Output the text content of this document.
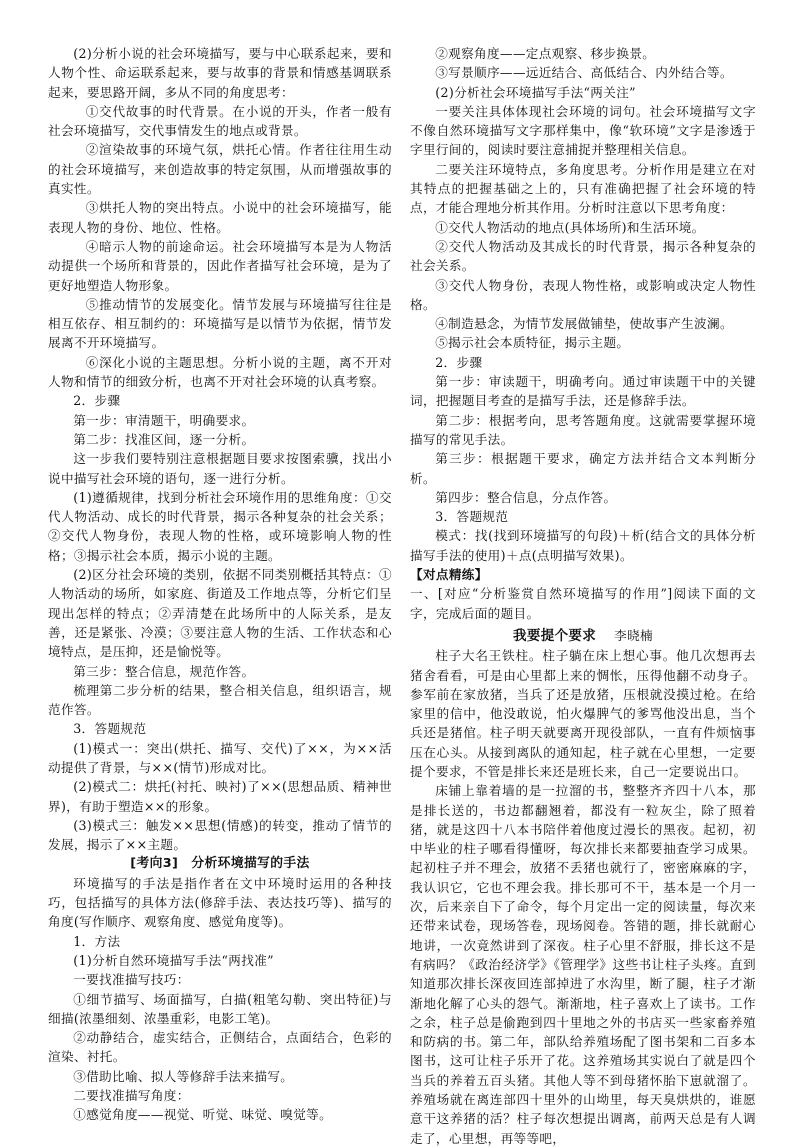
(2)分析小说的社会环境描写，要与中心联系起来，要和人物个性、命运联系起来，要与故事的背景和情感基调联系起来，要思路开阔，多从不同的角度思考：

①交代故事的时代背景。在小说的开头，作者一般有社会环境描写，交代事情发生的地点或背景。

②渲染故事的环境气氛，烘托心情。作者往往用生动的社会环境描写，来创造故事的特定氛围，从而增强故事的真实性。

③烘托人物的突出特点。小说中的社会环境描写，能表现人物的身份、地位、性格。

④暗示人物的前途命运。社会环境描写本是为人物活动提供一个场所和背景的，因此作者描写社会环境，是为了更好地塑造人物形象。

⑤推动情节的发展变化。情节发展与环境描写往往是相互依存、相互制约的：环境描写是以情节为依据，情节发展离不开环境描写。

⑥深化小说的主题思想。分析小说的主题，离不开对人物和情节的细致分析，也离不开对社会环境的认真考察。

2．步骤

第一步：审清题干，明确要求。

第二步：找准区间，逐一分析。

这一步我们要特别注意根据题目要求按图索骥，找出小说中描写社会环境的语句，逐一进行分析。

(1)遵循规律，找到分析社会环境作用的思维角度：①交代人物活动、成长的时代背景，揭示各种复杂的社会关系；②交代人物身份，表现人物的性格，或环境影响人物的性格；③揭示社会本质，揭示小说的主题。

(2)区分社会环境的类别，依据不同类别概括其特点：①人物活动的场所，如家庭、街道及工作地点等，分析它们呈现出怎样的特点；②弄清楚在此场所中的人际关系，是友善，还是紧张、冷漠；③要注意人物的生活、工作状态和心境特点，是压抑，还是愉悦等。

第三步：整合信息，规范作答。

梳理第二步分析的结果，整合相关信息，组织语言，规范作答。

3．答题规范

(1)模式一：突出(烘托、描写、交代)了××，为××活动提供了背景，与××(情节)形成对比。

(2)模式二：烘托(衬托、映衬)了××(思想品质、精神世界)，有助于塑造××的形象。

(3)模式三：触发××思想(情感)的转变，推动了情节的发展，揭示了××主题。

[考向3]　分析环境描写的手法

环境描写的手法是指作者在文中环境时运用的各种技巧，包括描写的具体方法(修辞手法、表达技巧等)、描写的角度(写作顺序、观察角度、感觉角度等)。

1．方法

(1)分析自然环境描写手法“两找准”

一要找准描写技巧：

①细节描写、场面描写，白描(粗笔勾勒、突出特征)与细描(浓墨细刻、浓墨重彩，电影工笔)。

②动静结合，虚实结合，正侧结合，点面结合，色彩的渲染、衬托。

③借助比喻、拟人等修辞手法来描写。

二要找准描写角度：

①感觉角度——视觉、听觉、味觉、嗅觉等。

②观察角度——定点观察、移步换景。

③写景顺序——远近结合、高低结合、内外结合等。

(2)分析社会环境描写手法“两关注”

一要关注具体体现社会环境的词句。社会环境描写文字不像自然环境描写文字那样集中，像“软环境”文字是渗透于字里行间的，阅读时要注意捕捉并整理相关信息。

二要关注环境特点，多角度思考。分析作用是建立在对其特点的把握基础之上的，只有准确把握了社会环境的特点，才能合理地分析其作用。分析时注意以下思考角度：

①交代人物活动的地点(具体场所)和生活环境。

②交代人物活动及其成长的时代背景，揭示各种复杂的社会关系。

③交代人物身份，表现人物性格，或影响或决定人物性格。

④制造悬念，为情节发展做铺垫，使故事产生波澜。

⑤揭示社会本质特征，揭示主题。

2．步骤

第一步：审读题干，明确考向。通过审读题干中的关键词，把握题目考查的是描写手法，还是修辞手法。

第二步：根据考向，思考答题角度。这就需要掌握环境描写的常见手法。

第三步：根据题干要求，确定方法并结合文本判断分析。

第四步：整合信息，分点作答。

3．答题规范

模式：找(找到环境描写的句段)＋析(结合文的具体分析描写手法的使用)＋点(点明描写效果)。

【对点精练】

一、[对应“分析鉴赏自然环境描写的作用”]阅读下面的文字，完成后面的题目。

我要提个要求 李晓楠

柱子大名王铁柱。柱子躺在床上想心事。他几次想再去猪舍看看，可是由心里都上来的惆怅，压得他翻不动身子。参军前在家放猪，当兵了还是放猪，压根就没摸过枪。在给家里的信中，他没敢说，怕火爆脾气的爹骂他没出息，当个兵还是猪倌。柱子明天就要离开现役部队，一直有件烦恼事压在心头。从接到离队的通知起，柱子就在心里想，一定要提个要求，不管是排长来还是班长来，自己一定要说出口。

床铺上靠着墙的是一拉溜的书，整整齐齐四十八本，那是排长送的，书边都翻翘着，都没有一粒灰尘，除了照着猪，就是这四十八本书陪伴着他度过漫长的黑夜。起初，初中毕业的柱子哪看得懂呀，每次排长来都要抽查学习成果。起初柱子并不理会，放猪不丢猪也就行了，密密麻麻的字，我认识它，它也不理会我。排长那可不干，基本是一个月一次，后来亲自下了命令，每个月定出一定的阅读量，每次来还带来试卷，现场答卷，现场阅卷。答错的题，排长就耐心地讲，一次竟然讲到了深夜。柱子心里不舒服，排长这不是有病吗？《政治经济学》《管理学》这些书让柱子头疼。直到知道那次排长深夜回连部掉进了水沟里，断了腿，柱子才渐渐地化解了心头的怨气。渐渐地，柱子喜欢上了读书。工作之余，柱子总是偷跑到四十里地之外的书店买一些家畜养殖和防病的书。第二年，部队给养殖场配了图书架和二百多本图书，这可让柱子乐开了花。这养殖场其实说白了就是四个当兵的养着五百头猪。其他人等不到母猪怀胎下崽就溜了。养殖场就在离连部四十里外的山坳里，每天臭烘烘的，谁愿意干这养猪的活？柱子每次想提出调离，前两天总是有人调走了，心里想，再等等吧，
